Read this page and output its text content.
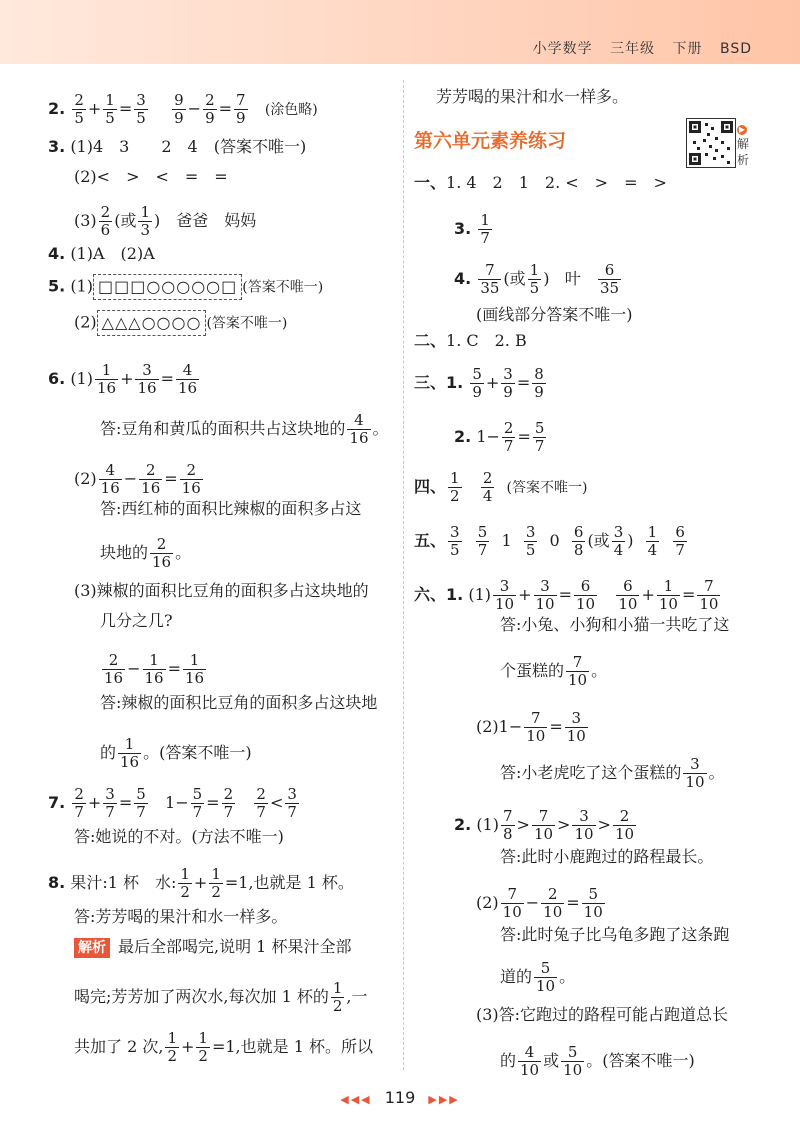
小学数学 三年级 下册 BSD
2. $\frac{2}{5} + \frac{1}{5} = \frac{3}{5}$
$\frac{9}{9} - \frac{2}{9} = \frac{7}{9}$ (涂色略)
3. (1)4　3　　2　4　(答案不唯一)
(2)<　>　<　=　=
$(3) \frac{2}{6}$ (或 $\frac{1}{3}$ )　爸爸　妈妈
4. (1)A　(2)A
5. (1) □□□○○○○○□ (答案不唯一)
(2) △△△○○○○ (答案不唯一)
6. $(1) \frac{1}{16} + \frac{3}{16} = \frac{4}{16}$
答:豆角和黄瓜的面积共占这块地的 $\frac{4}{16}$ 。
$(2) \frac{4}{16} - \frac{2}{16} = \frac{2}{16}$
答:西红柿的面积比辣椒的面积多占这
块地的 $\frac{2}{16}$ 。
(3)辣椒的面积比豆角的面积多占这块地的
几分之几?
$\frac{2}{16} - \frac{1}{16} = \frac{1}{16}$
答:辣椒的面积比豆角的面积多占这块地
的 $\frac{1}{16}$ 。(答案不唯一)
7. $\frac{2}{7} + \frac{3}{7} = \frac{5}{7} 1- \frac{5}{7} = \frac{2}{7}$
$\frac{2}{7} < \frac{3}{7}$
答:她说的不对。(方法不唯一)
8. 果汁:1 杯　水: $\frac{1}{2} + \frac{1}{2} =1$,也就是 1 杯。
答:芳芳喝的果汁和水一样多。
解析 最后全部喝完,说明 1 杯果汁全部
喝完;芳芳加了两次水,每次加 1 杯的 $\frac{1}{2}$ ,一
共加了 2 次, $\frac{1}{2} + \frac{1}{2} =1$,也就是 1 杯。所以
芳芳喝的果汁和水一样多。
第六单元素养练习
▶
解
析
一、1. 4　2　1　2. <　>　=　>
3. $\frac{1}{7}$
4. $\frac{7}{35}$ (或 $\frac{1}{5}$ ) 叶 $\frac{6}{35}$
(画线部分答案不唯一)
二、1. C　2. B
三、1. $\frac{5}{9} + \frac{3}{9} = \frac{8}{9}$
2. $1- \frac{2}{7} = \frac{5}{7}$
四、 $\frac{1}{2}$
$\frac{2}{4}$ (答案不唯一)
五、 $\frac{3}{5}$
$\frac{5}{7} 1 \frac{3}{5} 0 \frac{6}{8}$ (或 $\frac{3}{4}$ ) $\frac{1}{4}$
$\frac{6}{7}$
六、1. $(1) \frac{3}{10} + \frac{3}{10} = \frac{6}{10}$
$\frac{6}{10} + \frac{1}{10} = \frac{7}{10}$
答:小兔、小狗和小猫一共吃了这
个蛋糕的 $\frac{7}{10}$ 。
$(2)1- \frac{7}{10} = \frac{3}{10}$
答:小老虎吃了这个蛋糕的 $\frac{3}{10}$ 。
2. $(1) \frac{7}{8} > \frac{7}{10} > \frac{3}{10} > \frac{2}{10}$
答:此时小鹿跑过的路程最长。
$(2) \frac{7}{10} - \frac{2}{10} = \frac{5}{10}$
答:此时兔子比乌龟多跑了这条跑
道的 $\frac{5}{10}$ 。
(3)答:它跑过的路程可能占跑道总长
的 $\frac{4}{10}$ 或 $\frac{5}{10}$ 。(答案不唯一)
◀◀◀ 119 ▶▶▶
